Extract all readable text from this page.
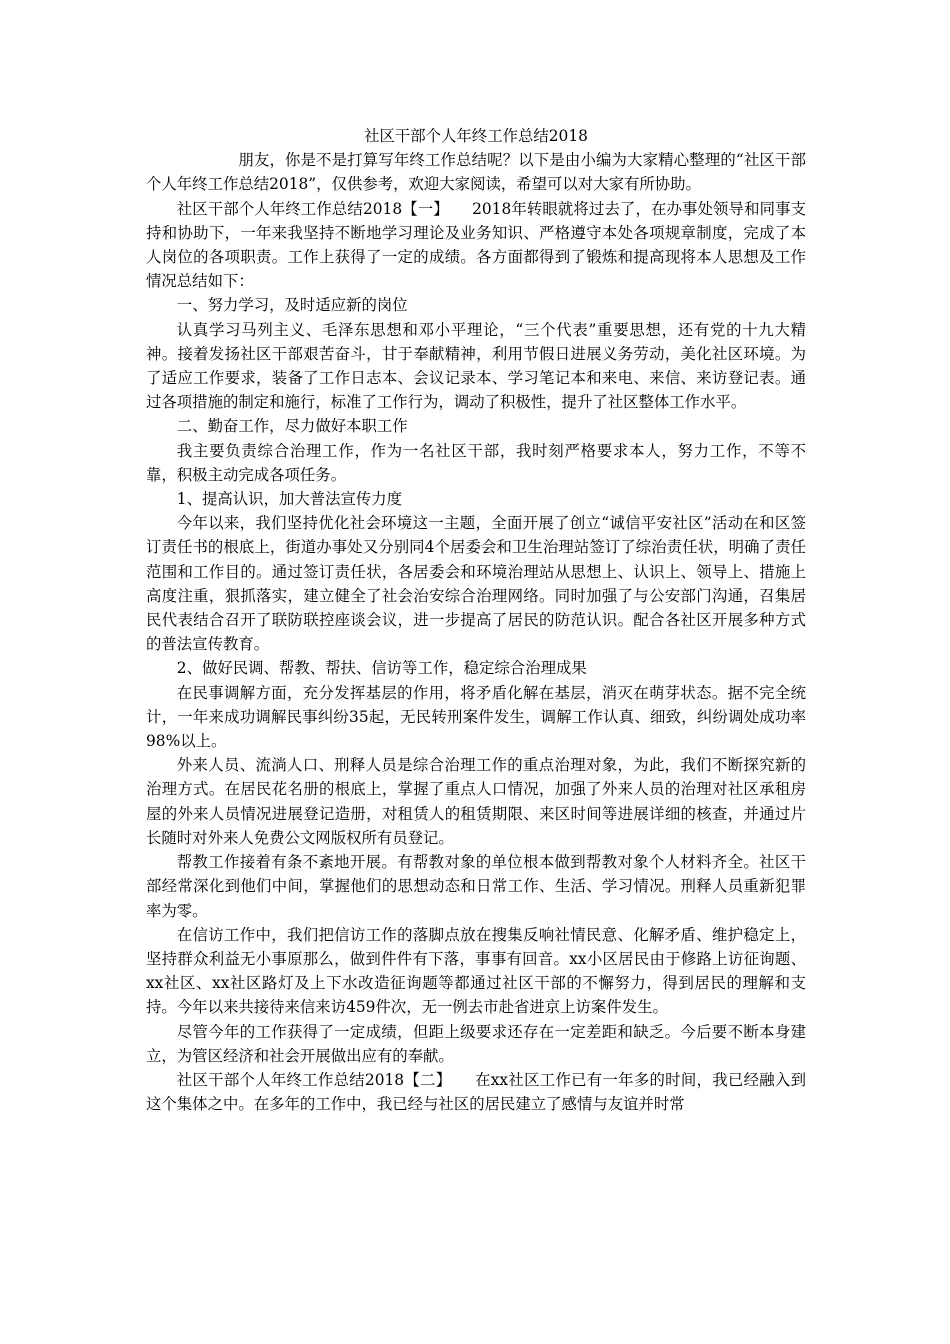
社区干部个人年终工作总结2018

朋友，你是不是打算写年终工作总结呢？以下是由小编为大家精心整理的“社区干部个人年终工作总结2018”，仅供参考，欢迎大家阅读，希望可以对大家有所协助。

社区干部个人年终工作总结2018【一】　　2018年转眼就将过去了，在办事处领导和同事支持和协助下，一年来我坚持不断地学习理论及业务知识、严格遵守本处各项规章制度，完成了本人岗位的各项职责。工作上获得了一定的成绩。各方面都得到了锻炼和提高现将本人思想及工作情况总结如下：

一、努力学习，及时适应新的岗位

认真学习马列主义、毛泽东思想和邓小平理论，“三个代表”重要思想，还有党的十九大精神。接着发扬社区干部艰苦奋斗，甘于奉献精神，利用节假日进展义务劳动，美化社区环境。为了适应工作要求，装备了工作日志本、会议记录本、学习笔记本和来电、来信、来访登记表。通过各项措施的制定和施行，标准了工作行为，调动了积极性，提升了社区整体工作水平。

二、勤奋工作，尽力做好本职工作

我主要负责综合治理工作，作为一名社区干部，我时刻严格要求本人，努力工作，不等不靠，积极主动完成各项任务。

1、提高认识，加大普法宣传力度

今年以来，我们坚持优化社会环境这一主题，全面开展了创立“诚信平安社区”活动在和区签订责任书的根底上，街道办事处又分别同4个居委会和卫生治理站签订了综治责任状，明确了责任范围和工作目的。通过签订责任状，各居委会和环境治理站从思想上、认识上、领导上、措施上高度注重，狠抓落实，建立健全了社会治安综合治理网络。同时加强了与公安部门沟通，召集居民代表结合召开了联防联控座谈会议，进一步提高了居民的防范认识。配合各社区开展多种方式的普法宣传教育。

2、做好民调、帮教、帮扶、信访等工作，稳定综合治理成果

在民事调解方面，充分发挥基层的作用，将矛盾化解在基层，消灭在萌芽状态。据不完全统计，一年来成功调解民事纠纷35起，无民转刑案件发生，调解工作认真、细致，纠纷调处成功率98%以上。

外来人员、流淌人口、刑释人员是综合治理工作的重点治理对象，为此，我们不断探究新的治理方式。在居民花名册的根底上，掌握了重点人口情况，加强了外来人员的治理对社区承租房屋的外来人员情况进展登记造册，对租赁人的租赁期限、来区时间等进展详细的核查，并通过片长随时对外来人免费公文网版权所有员登记。

帮教工作接着有条不紊地开展。有帮教对象的单位根本做到帮教对象个人材料齐全。社区干部经常深化到他们中间，掌握他们的思想动态和日常工作、生活、学习情况。刑释人员重新犯罪率为零。

在信访工作中，我们把信访工作的落脚点放在搜集反响社情民意、化解矛盾、维护稳定上，坚持群众利益无小事原那么，做到件件有下落，事事有回音。xx小区居民由于修路上访征询题、xx社区、xx社区路灯及上下水改造征询题等都通过社区干部的不懈努力，得到居民的理解和支持。今年以来共接待来信来访459件次，无一例去市赴省进京上访案件发生。

尽管今年的工作获得了一定成绩，但距上级要求还存在一定差距和缺乏。今后要不断本身建立，为管区经济和社会开展做出应有的奉献。

社区干部个人年终工作总结2018【二】　　在xx社区工作已有一年多的时间，我已经融入到这个集体之中。在多年的工作中，我已经与社区的居民建立了感情与友谊并时常
